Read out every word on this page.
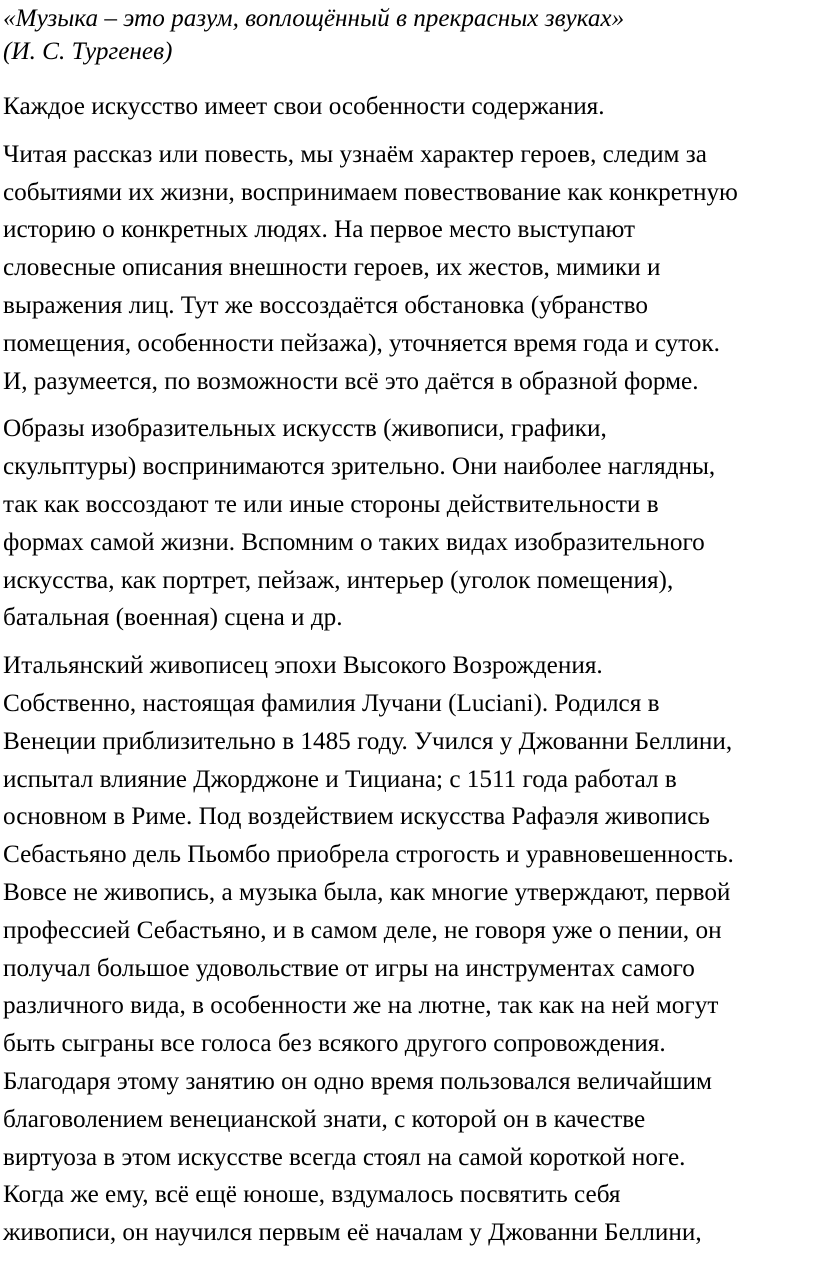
«Музыка – это разум, воплощённый в прекрасных звуках»
(И. С. Тургенев)

Каждое искусство имеет свои особенности содержания.

Читая рассказ или повесть, мы узнаём характер героев, следим за
событиями их жизни, воспринимаем повествование как конкретную
историю о конкретных людях. На первое место выступают
словесные описания внешности героев, их жестов, мимики и
выражения лиц. Тут же воссоздаётся обстановка (убранство
помещения, особенности пейзажа), уточняется время года и суток.
И, разумеется, по возможности всё это даётся в образной форме.

Образы изобразительных искусств (живописи, графики,
скульптуры) воспринимаются зрительно. Они наиболее наглядны,
так как воссоздают те или иные стороны действительности в
формах самой жизни. Вспомним о таких видах изобразительного
искусства, как портрет, пейзаж, интерьер (уголок помещения),
батальная (военная) сцена и др.

Итальянский живописец эпохи Высокого Возрождения.
Собственно, настоящая фамилия Лучани (Luciani). Родился в
Венеции приблизительно в 1485 году. Учился у Джованни Беллини,
испытал влияние Джорджоне и Тициана; с 1511 года работал в
основном в Риме. Под воздействием искусства Рафаэля живопись
Себастьяно дель Пьомбо приобрела строгость и уравновешенность.
Вовсе не живопись, а музыка была, как многие утверждают, первой
профессией Себастьяно, и в самом деле, не говоря уже о пении, он
получал большое удовольствие от игры на инструментах самого
различного вида, в особенности же на лютне, так как на ней могут
быть сыграны все голоса без всякого другого сопровождения.
Благодаря этому занятию он одно время пользовался величайшим
благоволением венецианской знати, с которой он в качестве
виртуоза в этом искусстве всегда стоял на самой короткой ноге.
Когда же ему, всё ещё юноше, вздумалось посвятить себя
живописи, он научился первым её началам у Джованни Беллини,
